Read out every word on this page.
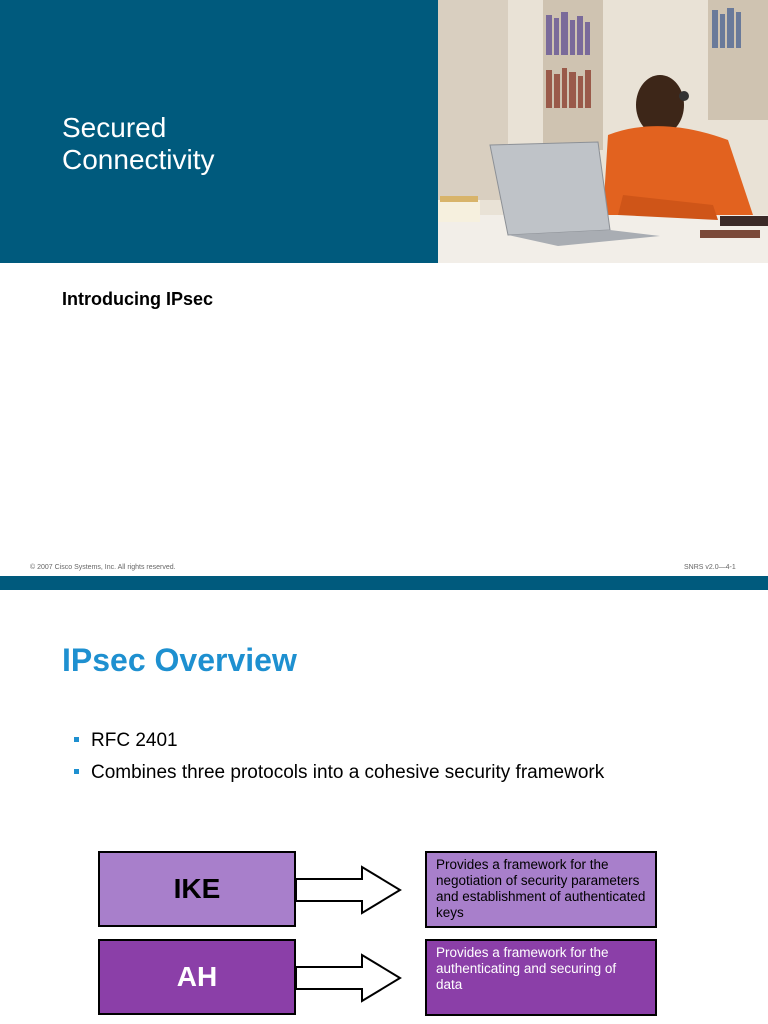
Secured
Connectivity
Introducing IPsec
© 2007 Cisco Systems, Inc. All rights reserved.	SNRS v2.0—4-1
IPsec Overview
RFC 2401
Combines three protocols into a cohesive security framework
IKE
Provides a framework for the negotiation of security parameters and establishment of authenticated keys
AH
Provides a framework for the authenticating and securing of data
